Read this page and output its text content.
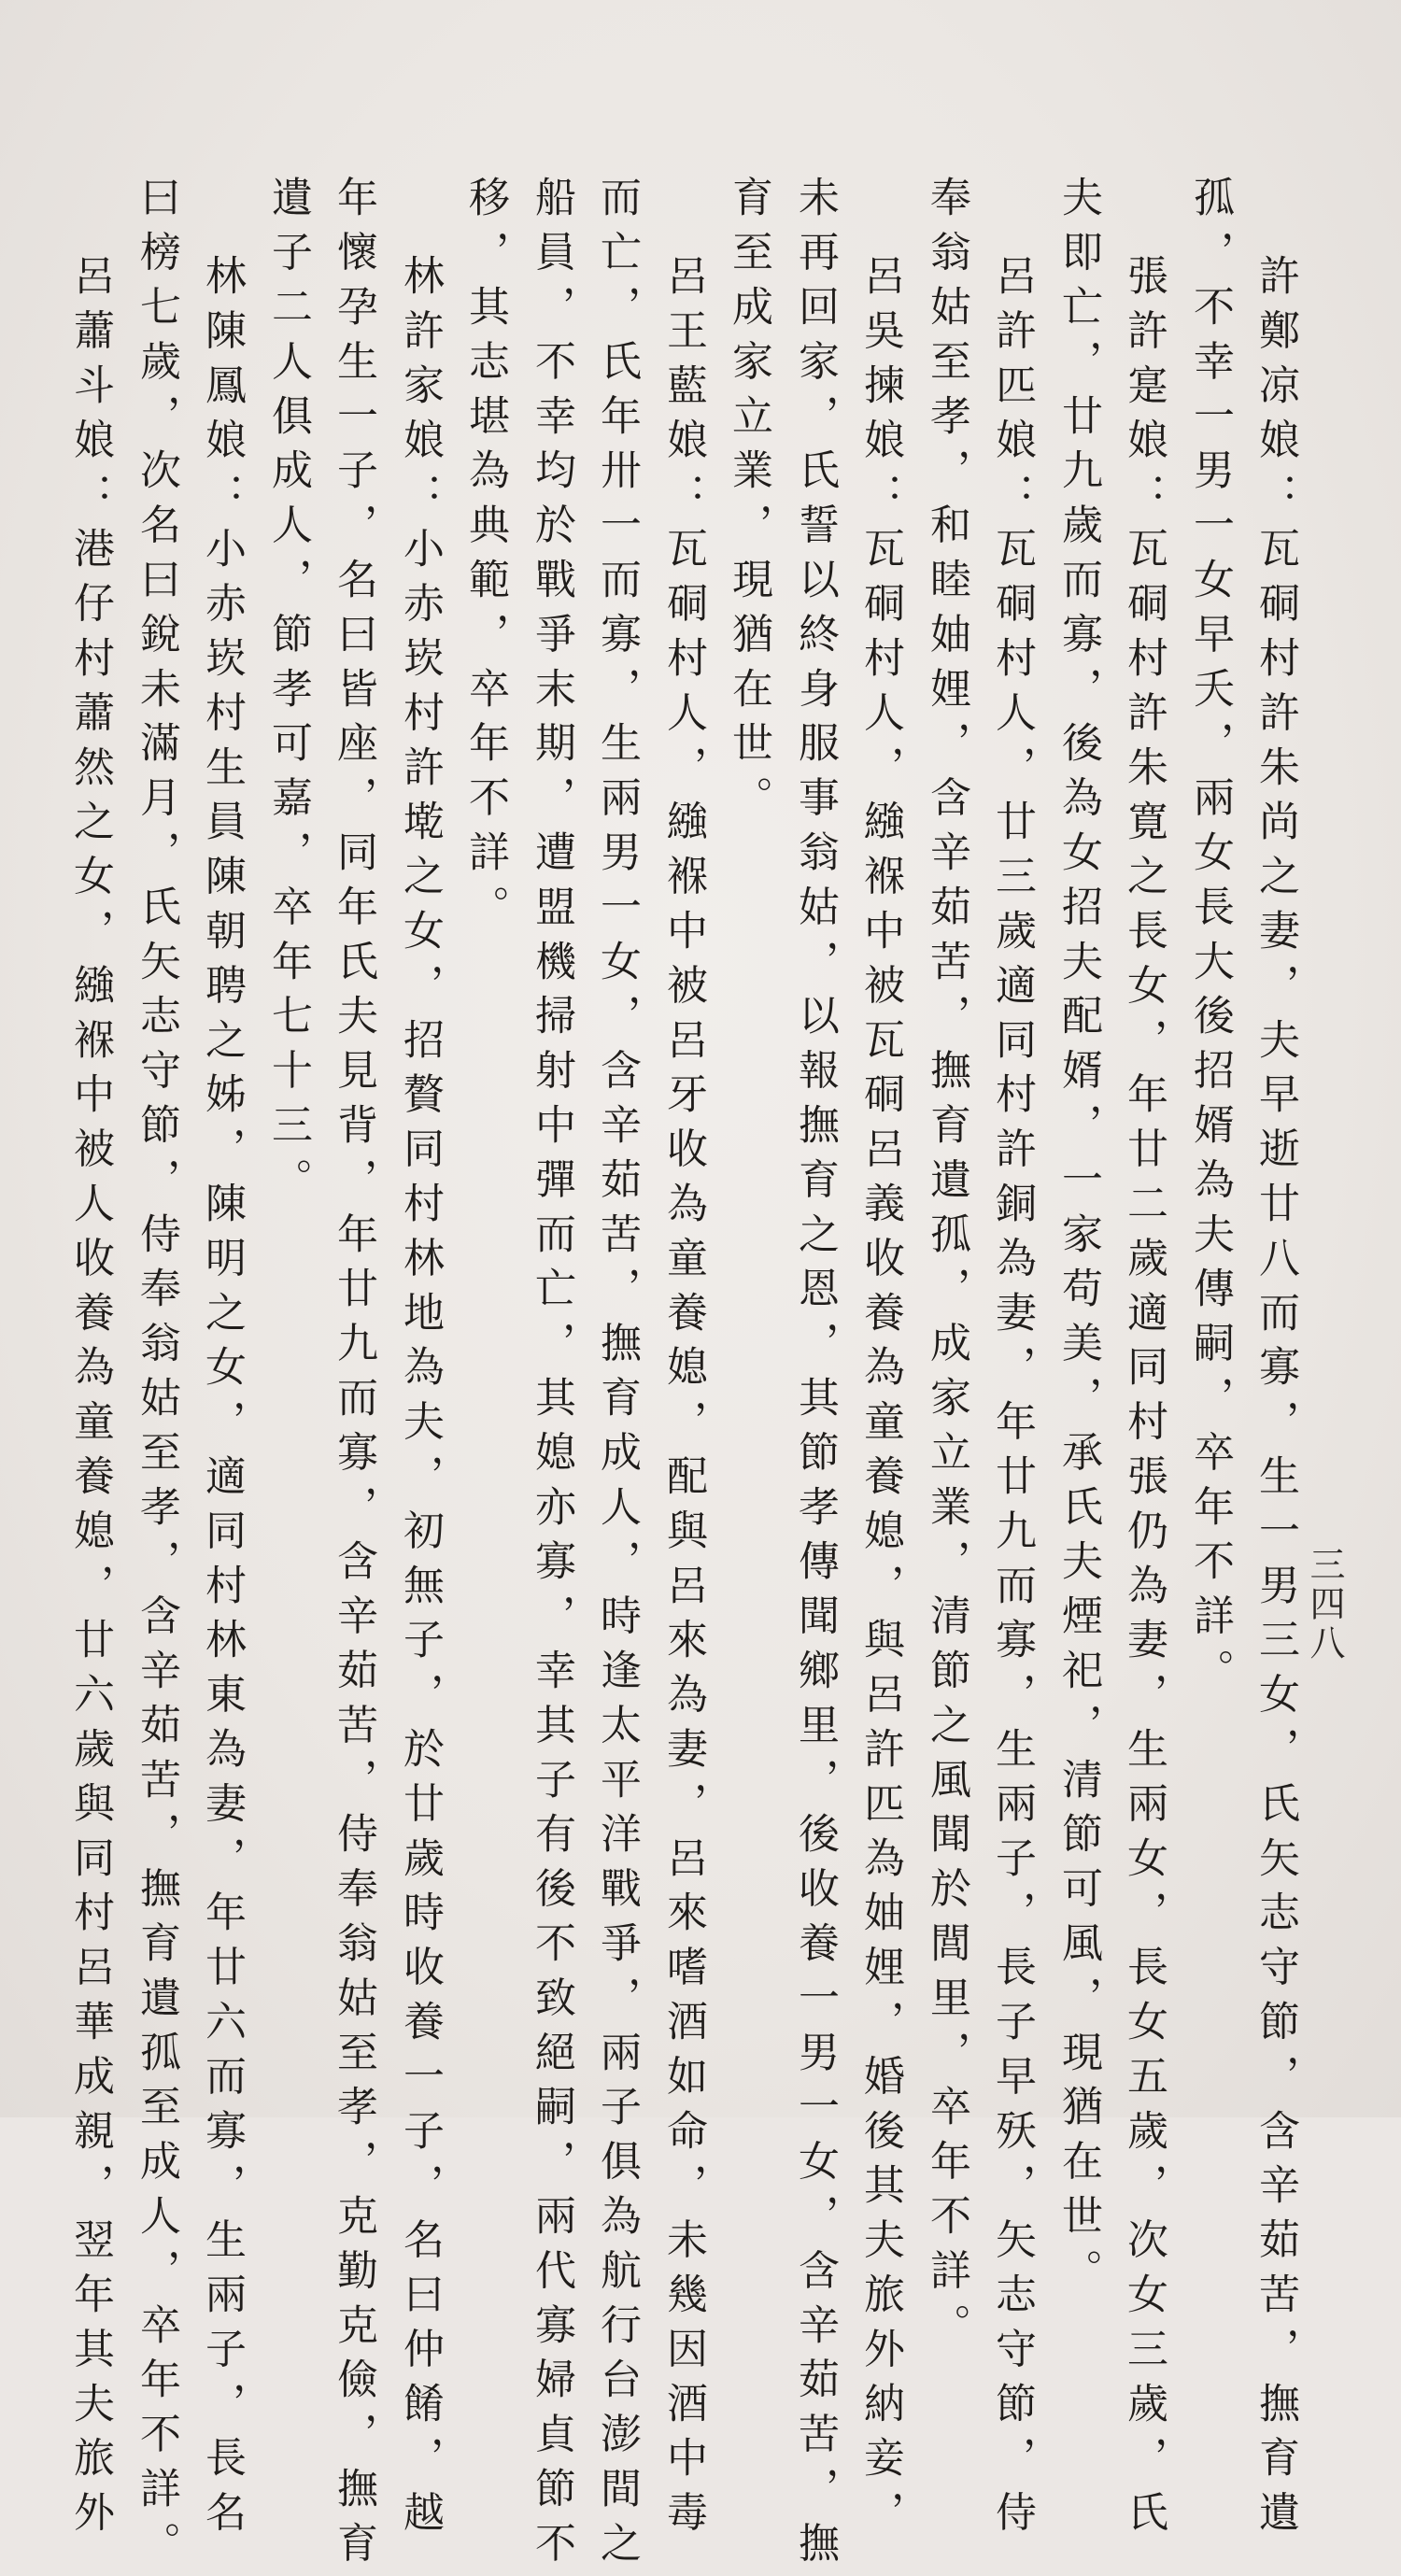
三四八
許鄭凉娘：瓦硐村許朱尚之妻，夫早逝廿八而寡，生一男三女，氏矢志守節，含辛茹苦，撫育遺
孤，不幸一男一女早夭，兩女長大後招婿為夫傳嗣，卒年不詳。
張許寔娘：瓦硐村許朱寛之長女，年廿二歲適同村張仍為妻，生兩女，長女五歲，次女三歲，氏
夫即亡，廿九歲而寡，後為女招夫配婿，一家苟美，承氏夫煙祀，清節可風，現猶在世。
呂許匹娘：瓦硐村人，廿三歲適同村許銅為妻，年廿九而寡，生兩子，長子早殀，矢志守節，侍
奉翁姑至孝，和睦妯娌，含辛茹苦，撫育遺孤，成家立業，清節之風聞於閭里，卒年不詳。
呂吳揀娘：瓦硐村人，繈褓中被瓦硐呂義收養為童養媳，與呂許匹為妯娌，婚後其夫旅外納妾，
未再回家，氏誓以終身服事翁姑，以報撫育之恩，其節孝傳聞鄉里，後收養一男一女，含辛茹苦，撫
育至成家立業，現猶在世。
呂王藍娘：瓦硐村人，繈褓中被呂牙收為童養媳，配與呂來為妻，呂來嗜酒如命，未幾因酒中毒
而亡，氏年卅一而寡，生兩男一女，含辛茹苦，撫育成人，時逢太平洋戰爭，兩子俱為航行台澎間之
船員，不幸均於戰爭末期，遭盟機掃射中彈而亡，其媳亦寡，幸其子有後不致絕嗣，兩代寡婦貞節不
移，其志堪為典範，卒年不詳。
林許家娘：小赤崁村許墘之女，招贅同村林地為夫，初無子，於廿歲時收養一子，名曰仲餚，越
年懷孕生一子，名曰皆座，同年氏夫見背，年廿九而寡，含辛茹苦，侍奉翁姑至孝，克勤克儉，撫育
遺子二人俱成人，節孝可嘉，卒年七十三。
林陳鳳娘：小赤崁村生員陳朝聘之姊，陳明之女，適同村林東為妻，年廿六而寡，生兩子，長名
曰榜七歲，次名曰銳未滿月，氏矢志守節，侍奉翁姑至孝，含辛茹苦，撫育遺孤至成人，卒年不詳。
呂蕭斗娘：港仔村蕭然之女，繈褓中被人收養為童養媳，廿六歲與同村呂華成親，翌年其夫旅外
